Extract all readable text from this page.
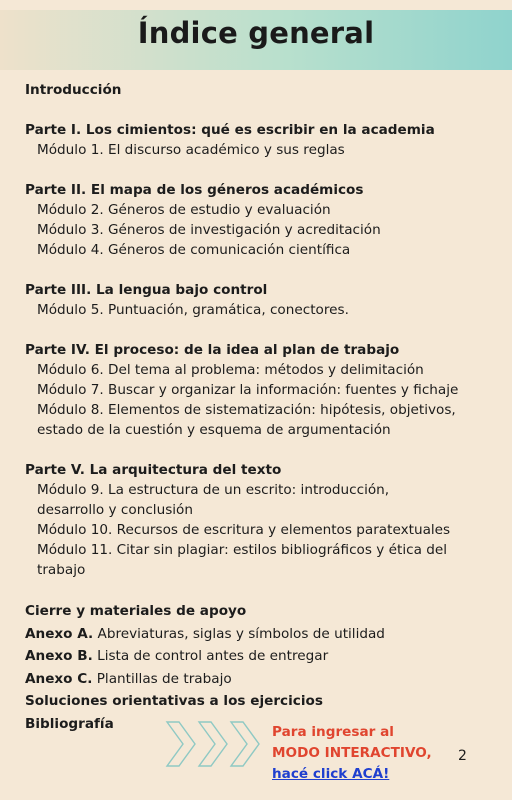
Índice general
Introducción
Parte I. Los cimientos: qué es escribir en la academia
Módulo 1. El discurso académico y sus reglas
Parte II. El mapa de los géneros académicos
Módulo 2. Géneros de estudio y evaluación
Módulo 3. Géneros de investigación y acreditación
Módulo 4. Géneros de comunicación científica
Parte III. La lengua bajo control
Módulo 5. Puntuación, gramática, conectores.
Parte IV. El proceso: de la idea al plan de trabajo
Módulo 6. Del tema al problema: métodos y delimitación
Módulo 7. Buscar y organizar la información: fuentes y fichaje
Módulo 8. Elementos de sistematización: hipótesis, objetivos, estado de la cuestión y esquema de argumentación
Parte V. La arquitectura del texto
Módulo 9. La estructura de un escrito: introducción, desarrollo y conclusión
Módulo 10. Recursos de escritura y elementos paratextuales
Módulo 11. Citar sin plagiar: estilos bibliográficos y ética del trabajo
Cierre y materiales de apoyo
Anexo A. Abreviaturas, siglas y símbolos de utilidad
Anexo B. Lista de control antes de entregar
Anexo C. Plantillas de trabajo
Soluciones orientativas a los ejercicios
Bibliografía
Para ingresar al
MODO INTERACTIVO,
hacé click ACÁ!
2
